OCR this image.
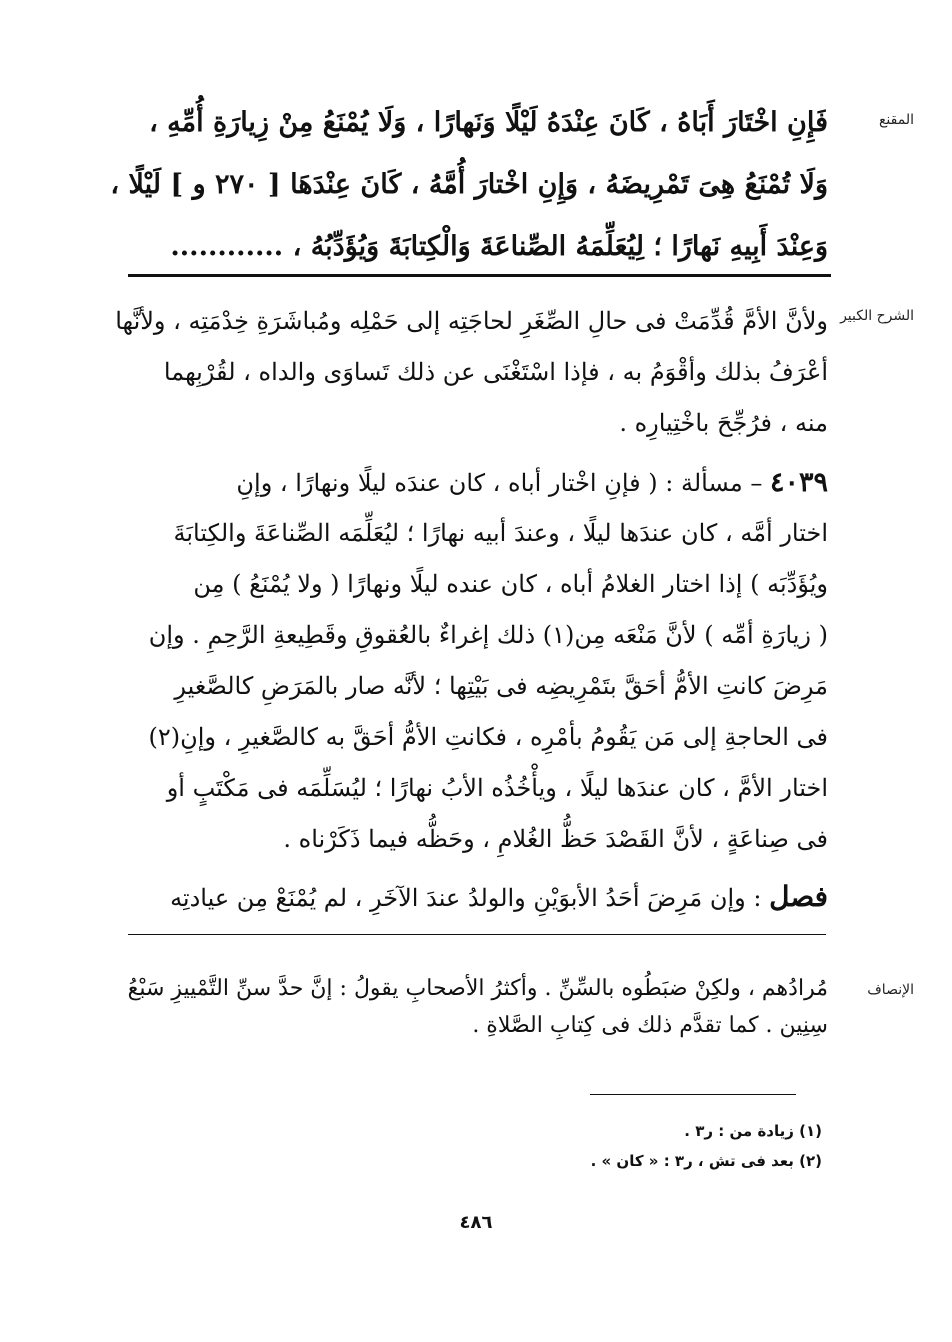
المقنع
فَإِنِ اخْتَارَ أَبَاهُ ، كَانَ عِنْدَهُ لَيْلًا وَنَهارًا ، وَلَا يُمْنَعُ مِنْ زِيارَةِ أُمِّهِ ،
وَلَا تُمْنَعُ هِىَ تَمْرِيضَهُ ، وَإِنِ اخْتارَ أُمَّهُ ، كَانَ عِنْدَهَا [ ٢٧٠ و ] لَيْلًا ،
وَعِنْدَ أَبِيهِ نَهارًا ؛ لِيُعَلِّمَهُ الصِّناعَةَ وَالْكِتابَةَ وَيُؤَدِّبُهُ ، ............
الشرح الكبير
ولأنَّ الأمَّ قُدِّمَتْ فى حالِ الصِّغَرِ لحاجَتِه إلى حَمْلِه ومُباشَرَةِ خِدْمَتِه ، ولأنَّها
أعْرَفُ بذلك وأقْوَمُ به ، فإذا اسْتَغْنَى عن ذلك تَساوَى والداه ، لقُرْبِهما
منه ، فرُجِّحَ باخْتِيارِه .
٤٠٣٩ – مسألة : ( فإنِ اخْتار أباه ، كان عندَه ليلًا ونهارًا ، وإنِ
اختار أمَّه ، كان عندَها ليلًا ، وعندَ أبيه نهارًا ؛ ليُعَلِّمَه الصِّناعَةَ والكِتابَةَ
ويُؤَدِّبَه ) إذا اختار الغلامُ أباه ، كان عنده ليلًا ونهارًا ( ولا يُمْنَعُ ) مِن
( زيارَةِ أمِّه ) لأنَّ مَنْعَه مِن(١) ذلك إغراءٌ بالعُقوقِ وقَطِيعةِ الرَّحِمِ . وإن
مَرِضَ كانتِ الأمُّ أحَقَّ بتَمْرِيضِه فى بَيْتِها ؛ لأنَّه صار بالمَرَضِ كالصَّغيرِ
فى الحاجةِ إلى مَن يَقُومُ بأمْرِه ، فكانتِ الأمُّ أحَقَّ به كالصَّغيرِ ، وإنِ(٢)
اختار الأمَّ ، كان عندَها ليلًا ، ويأْخُذُه الأبُ نهارًا ؛ ليُسَلِّمَه فى مَكْتَبٍ أو
فى صِناعَةٍ ، لأنَّ القَصْدَ حَظُّ الغُلامِ ، وحَظُّه فيما ذَكَرْناه .
فصل : وإن مَرِضَ أحَدُ الأبوَيْنِ والولدُ عندَ الآخَرِ ، لم يُمْنَعْ مِن عيادتِه
الإنصاف
مُرادُهم ، ولكِنْ ضبَطُوه بالسِّنِّ . وأكثرُ الأصحابِ يقولُ : إنَّ حدَّ سنِّ التَّمْييزِ سَبْعُ
سِنِين . كما تقدَّم ذلك فى كِتابِ الصَّلاةِ .
(١) زيادة من : ر٣ .
(٢) بعد فى تش ، ر٣ : « كان » .
٤٨٦
